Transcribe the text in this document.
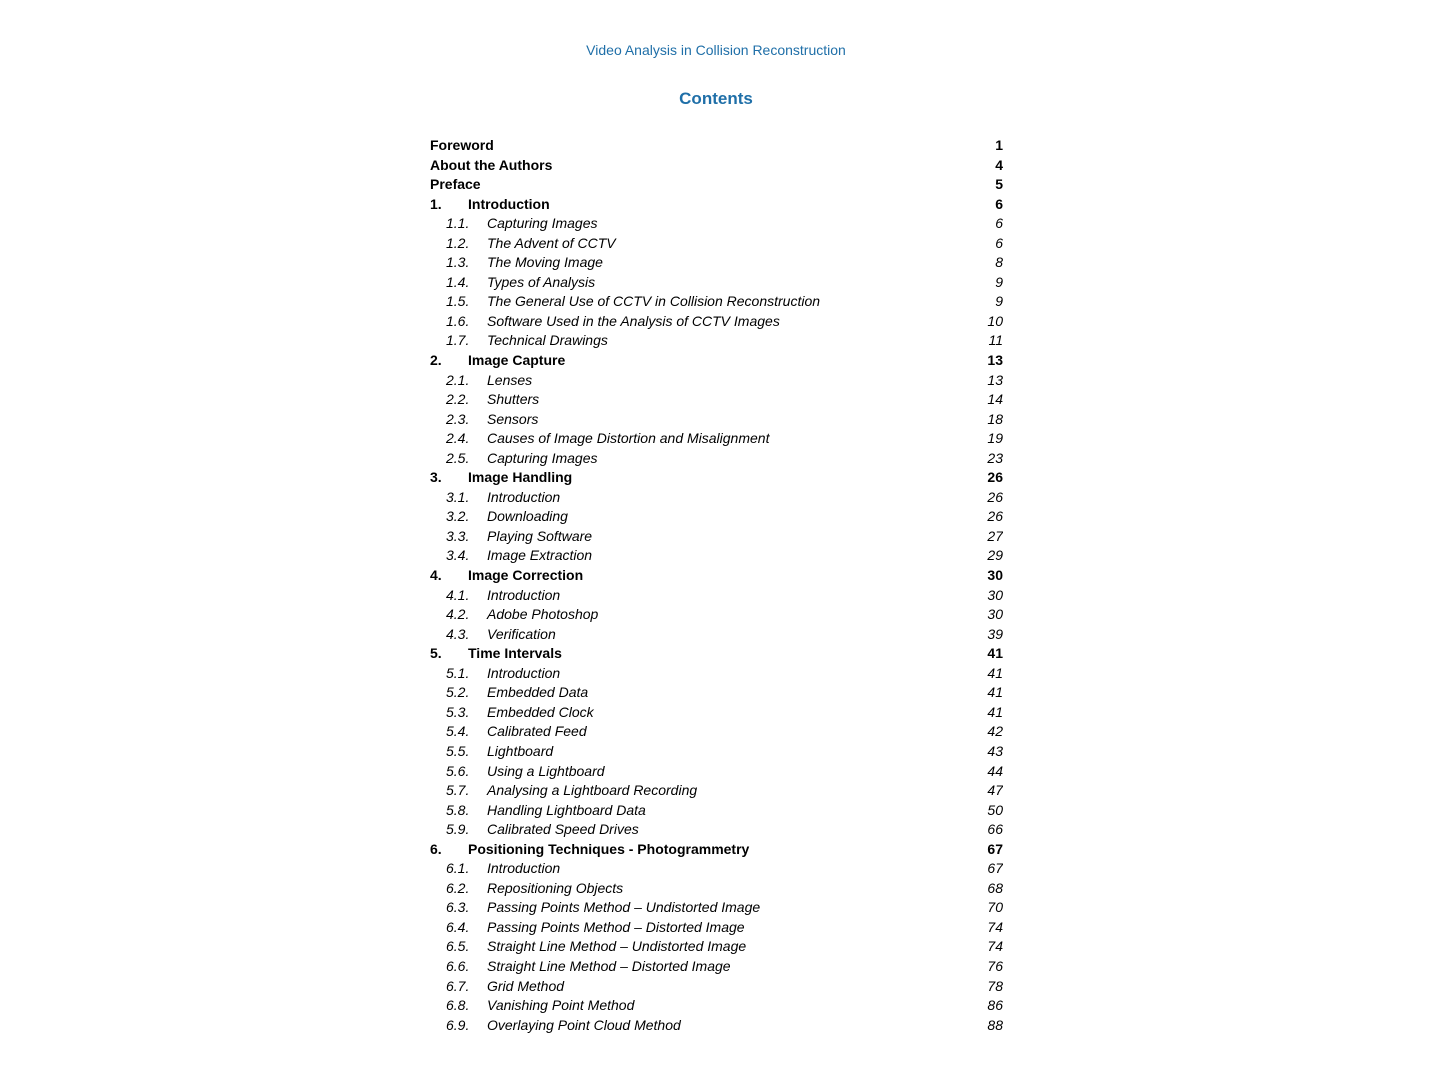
Video Analysis in Collision Reconstruction
Contents
Foreword	1
About the Authors	4
Preface	5
1.	Introduction	6
1.1.	Capturing Images	6
1.2.	The Advent of CCTV	6
1.3.	The Moving Image	8
1.4.	Types of Analysis	9
1.5.	The General Use of CCTV in Collision Reconstruction	9
1.6.	Software Used in the Analysis of CCTV Images	10
1.7.	Technical Drawings	11
2.	Image Capture	13
2.1.	Lenses	13
2.2.	Shutters	14
2.3.	Sensors	18
2.4.	Causes of Image Distortion and Misalignment	19
2.5.	Capturing Images	23
3.	Image Handling	26
3.1.	Introduction	26
3.2.	Downloading	26
3.3.	Playing Software	27
3.4.	Image Extraction	29
4.	Image Correction	30
4.1.	Introduction	30
4.2.	Adobe Photoshop	30
4.3.	Verification	39
5.	Time Intervals	41
5.1.	Introduction	41
5.2.	Embedded Data	41
5.3.	Embedded Clock	41
5.4.	Calibrated Feed	42
5.5.	Lightboard	43
5.6.	Using a Lightboard	44
5.7.	Analysing a Lightboard Recording	47
5.8.	Handling Lightboard Data	50
5.9.	Calibrated Speed Drives	66
6.	Positioning Techniques - Photogrammetry	67
6.1.	Introduction	67
6.2.	Repositioning Objects	68
6.3.	Passing Points Method – Undistorted Image	70
6.4.	Passing Points Method – Distorted Image	74
6.5.	Straight Line Method – Undistorted Image	74
6.6.	Straight Line Method – Distorted Image	76
6.7.	Grid Method	78
6.8.	Vanishing Point Method	86
6.9.	Overlaying Point Cloud Method	88
